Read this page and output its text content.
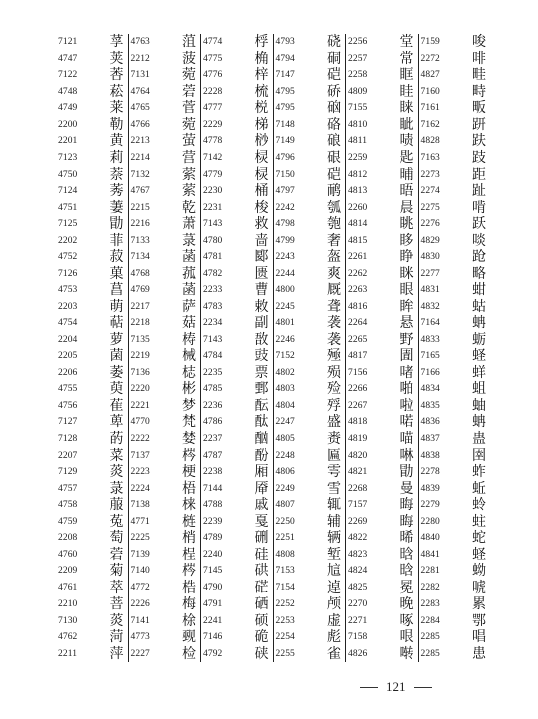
7121 莩
4747 荚
7122 莕
4748 菘
4749 莱
2200 勒
2201 黄
7123 莉
4750 萘
7124 莠
4751 萋
7125 勖
2202 菲
4752 菽
7126 菓
4753 菖
2203 萌
4754 萜
2204 萝
2205 菌
2206 萎
4755 萸
4756 萑
7127 萆
7128 菂
2207 菜
7129 菼
4757 菉
4758 菔
4759 菟
2208 萄
4760 菪
2209 菊
4761 萃
2210 菩
7130 菼
4762 菏
2211 萍
4763 菹
2212 菠
7131 菀
4764 菪
4765 菅
4766 菀
2213 萤
2214 营
7132 萦
4767 萦
2215 乾
2216 萧
7133 菉
7134 菡
4768 菰
4769 菡
2217 萨
2218 菇
7135 梼
2219 械
7136 梽
2220 彬
2221 梦
4770 梵
2222 婪
7137 梣
2223 梗
2224 梧
7138 梾
4771 梿
2225 梢
7139 桯
7140 梣
4772 梏
2226 梅
7141 梌
4773 觋
2227 检
4774 桴
4775 桷
4776 梓
2228 梳
4777 棁
2229 梯
4778 桫
7142 棂
4779 棂
2230 桶
2231 梭
7143 救
4780 啬
4781 郾
4782 匮
2233 曹
4783 敕
2234 副
7143 敔
4784 豉
2235 票
4785 鄄
2236 酝
4786 酞
2237 酗
4787 酚
2238 厢
7144 厣
4788 戚
2239 戛
4789 硎
2240 硅
7145 硔
4790 硭
4791 硒
2241 硕
7146 硊
4792 硖
4793 硗
4794 硐
7147 硙
4795 硚
4795 硇
7148 硌
7149 硠
4796 硍
7150 硙
4797 鸸
2242 瓠
4798 匏
4799 奢
2243 盔
2244 爽
4800 厩
2245 聋
4801 袭
2246 袭
7152 殛
4802 殒
4803 殓
4804 殍
2247 盛
4805 赉
2248 匾
4806 雩
2249 雪
4807 辄
2250 辅
2251 辆
4808 堑
7153 訄
7154 逴
2252 颅
2253 虚
2254 彪
2255 雀
2256 堂
2257 常
2258 眶
4809 眭
7155 睐
4810 眦
4811 啧
2259 匙
4812 晡
4813 晤
2260 晨
4814 眺
4815 眵
2261 睁
2262 眯
2263 眼
4816 眸
2264 悬
2265 野
4817 圊
7156 啫
2266 啪
2267 啦
4818 喏
4819 喵
4820 啉
4821 勖
2268 曼
7157 晦
2269 晦
4822 晞
4823 晗
4824 晗
4825 冕
2270 晚
2271 啄
7158 哏
4826 啭
7159 唆
2272 啡
4827 畦
7160 畤
7161 畈
7162 趼
4828 趺
7163 跂
2273 距
2274 趾
2275 啃
2276 跃
4829 啖
4830 跄
2277 略
4831 蚶
4832 蛄
7164 蚺
4833 蛎
7165 蛏
7166 蛘
4834 蛆
4835 蚰
4836 蚺
4837 蛊
4838 圉
2278 蚱
4839 蚯
2279 蛉
2280 蛀
4840 蛇
4841 蛏
2281 蚴
2282 唬
2283 累
2284 鄂
2285 唱
2285 患
121
